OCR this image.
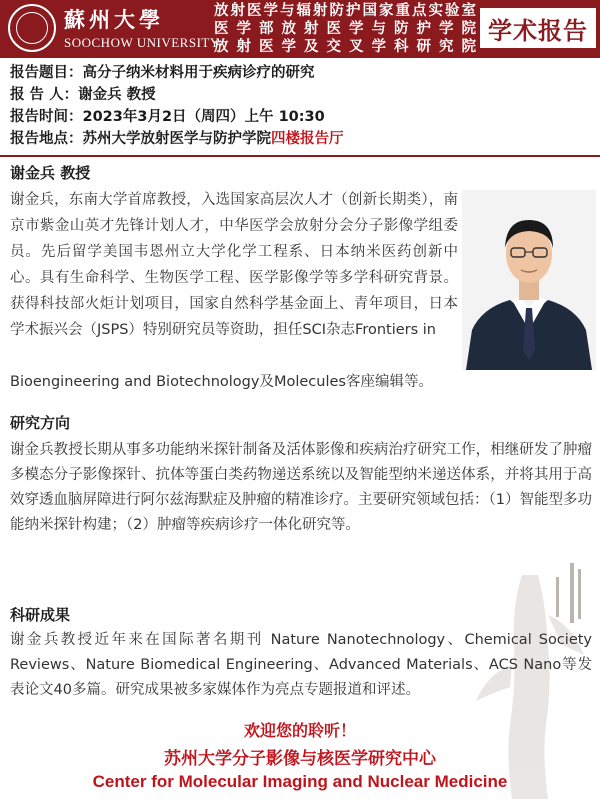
蘇州大學
SOOCHOW UNIVERSITY
放射医学与辐射防护国家重点实验室
医学部放射医学与防护学院
放射医学及交叉学科研究院
学术报告
报告题目：高分子纳米材料用于疾病诊疗的研究
报 告 人：谢金兵 教授
报告时间：2023年3月2日（周四）上午 10:30
报告地点：苏州大学放射医学与防护学院四楼报告厅
谢金兵 教授
谢金兵，东南大学首席教授，入选国家高层次人才（创新长期类），南京市紫金山英才先锋计划人才，中华医学会放射分会分子影像学组委员。先后留学美国韦恩州立大学化学工程系、日本纳米医药创新中心。具有生命科学、生物医学工程、医学影像学等多学科研究背景。获得科技部火炬计划项目，国家自然科学基金面上、青年项目，日本学术振兴会（JSPS）特别研究员等资助，担任SCI杂志Frontiers in
Bioengineering and Biotechnology及Molecules客座编辑等。
研究方向
谢金兵教授长期从事多功能纳米探针制备及活体影像和疾病治疗研究工作，相继研发了肿瘤多模态分子影像探针、抗体等蛋白类药物递送系统以及智能型纳米递送体系，并将其用于高效穿透血脑屏障进行阿尔兹海默症及肿瘤的精准诊疗。主要研究领域包括：（1）智能型多功能纳米探针构建；（2）肿瘤等疾病诊疗一体化研究等。
科研成果
谢金兵教授近年来在国际著名期刊 Nature Nanotechnology、Chemical Society Reviews、Nature Biomedical Engineering、Advanced Materials、ACS Nano等发表论文40多篇。研究成果被多家媒体作为亮点专题报道和评述。
欢迎您的聆听！
苏州大学分子影像与核医学研究中心
Center for Molecular Imaging and Nuclear Medicine
